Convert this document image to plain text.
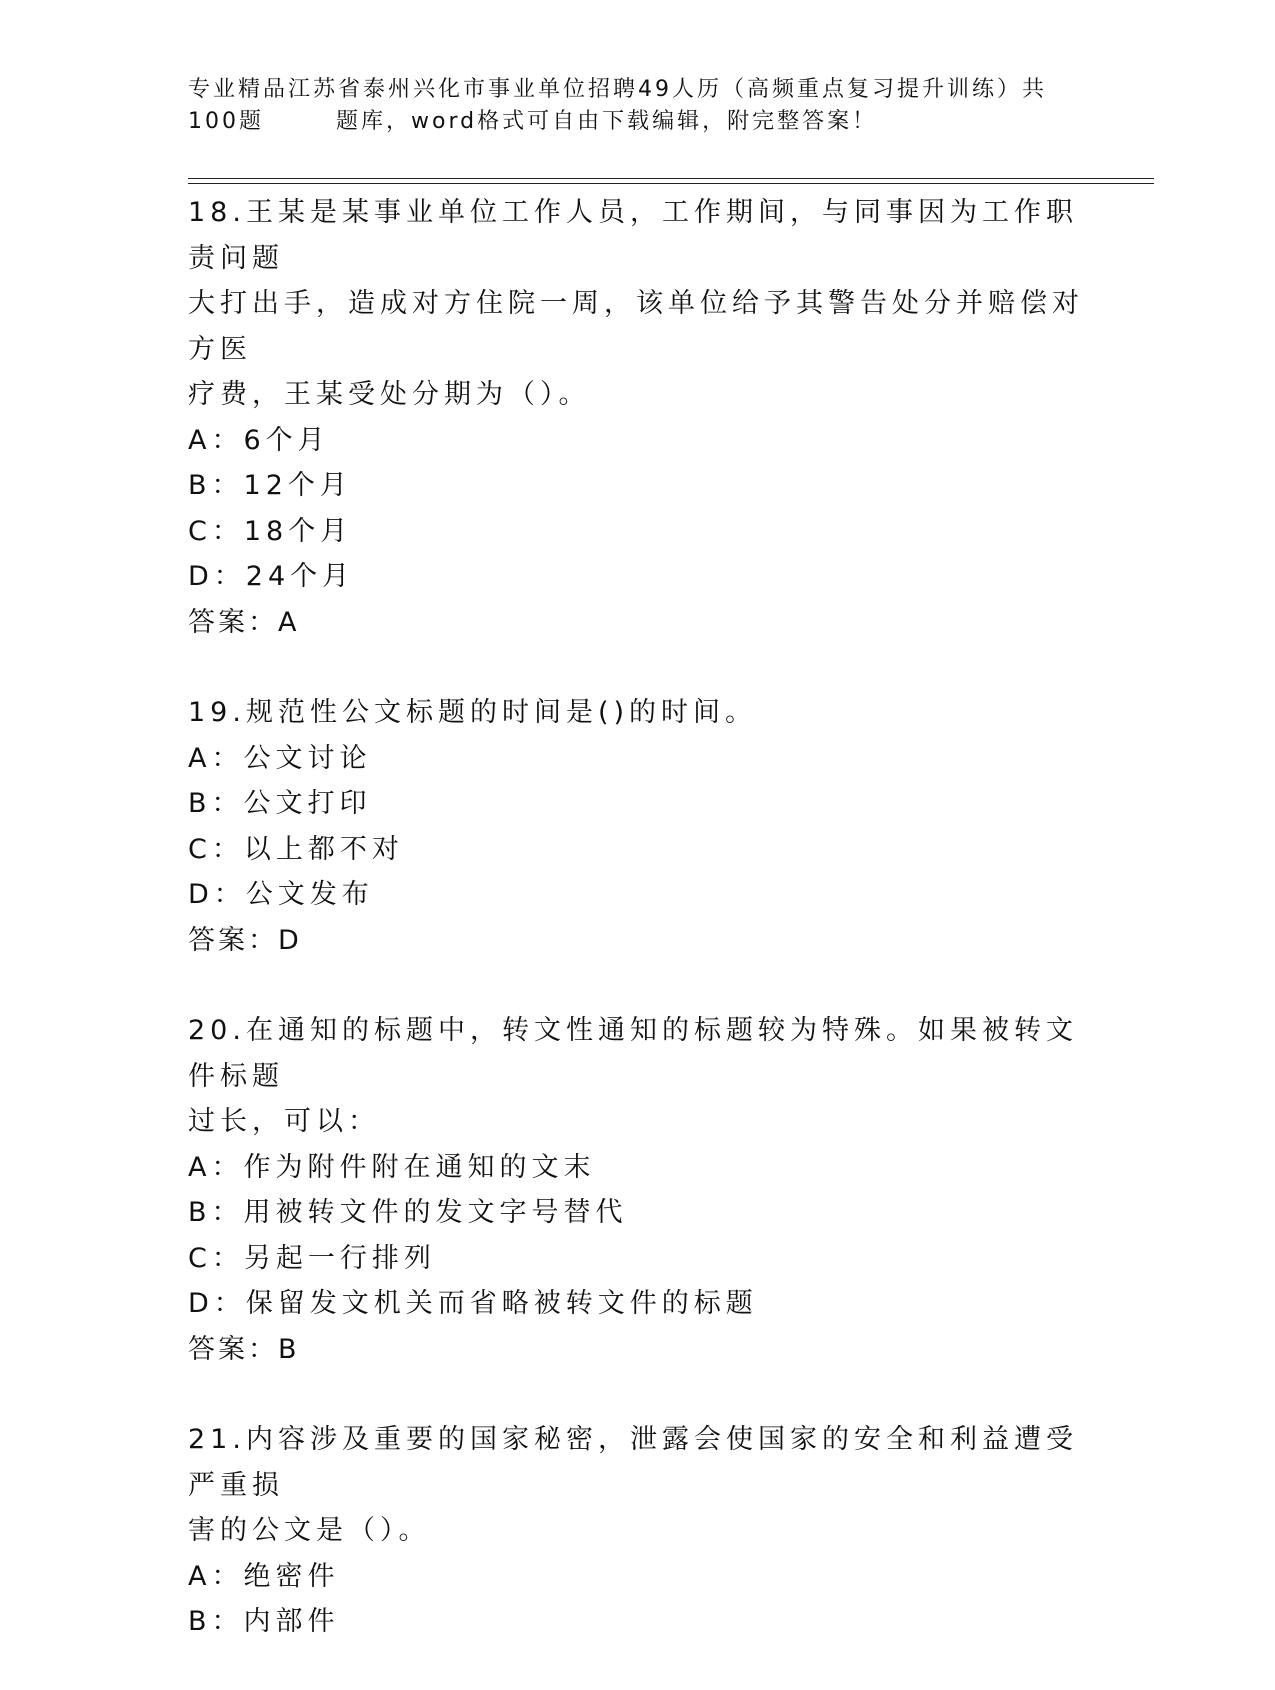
专业精品江苏省泰州兴化市事业单位招聘49人历（高频重点复习提升训练）共
100题	题库，word格式可自由下载编辑，附完整答案！

18.王某是某事业单位工作人员，工作期间，与同事因为工作职责问题

大打出手，造成对方住院一周，该单位给予其警告处分并赔偿对方医

疗费，王某受处分期为（）。

A：6个月

B：12个月

C：18个月

D：24个月

答案：A

19.规范性公文标题的时间是()的时间。

A：公文讨论

B：公文打印

C：以上都不对

D：公文发布

答案：D

20.在通知的标题中，转文性通知的标题较为特殊。如果被转文件标题

过长，可以：

A：作为附件附在通知的文末

B：用被转文件的发文字号替代

C：另起一行排列

D：保留发文机关而省略被转文件的标题

答案：B

21.内容涉及重要的国家秘密，泄露会使国家的安全和利益遭受严重损

害的公文是（）。

A：绝密件

B：内部件
